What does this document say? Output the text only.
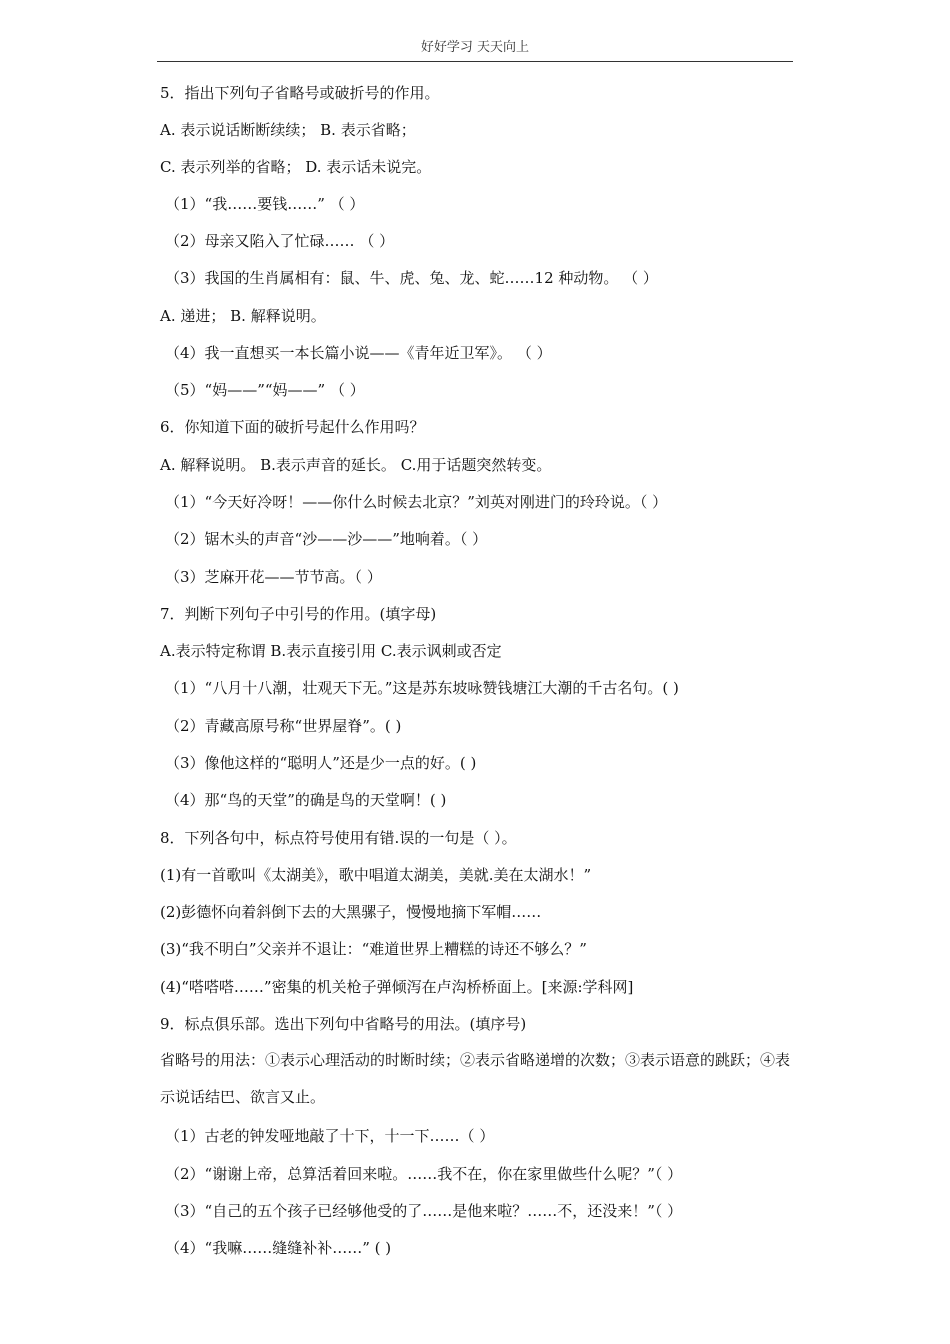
好好学习 天天向上
5．指出下列句子省略号或破折号的作用。
A. 表示说话断断续续； B. 表示省略；
C. 表示列举的省略； D. 表示话未说完。
（1）“我……要钱……” （ ）
（2）母亲又陷入了忙碌…… （ ）
（3）我国的生肖属相有：鼠、牛、虎、兔、龙、蛇……12 种动物。 （ ）
A. 递进； B. 解释说明。
（4）我一直想买一本长篇小说——《青年近卫军》。 （ ）
（5）“妈——”“妈——” （ ）
6．你知道下面的破折号起什么作用吗？
A. 解释说明。 B.表示声音的延长。 C.用于话题突然转变。
（1）“今天好冷呀！——你什么时候去北京？”刘英对刚进门的玲玲说。（ ）
（2）锯木头的声音“沙——沙——”地响着。（ ）
（3）芝麻开花——节节高。（ ）
7．判断下列句子中引号的作用。(填字母)
A.表示特定称谓 B.表示直接引用 C.表示讽刺或否定
（1）“八月十八潮，壮观天下无。”这是苏东坡咏赞钱塘江大潮的千古名句。( )
（2）青藏高原号称“世界屋脊”。( )
（3）像他这样的“聪明人”还是少一点的好。( )
（4）那“鸟的天堂”的确是鸟的天堂啊！( )
8．下列各句中，标点符号使用有错.误的一句是（ ）。
(1)有一首歌叫《太湖美》，歌中唱道太湖美，美就.美在太湖水！”
(2)彭德怀向着斜倒下去的大黑骡子，慢慢地摘下军帽……
(3)“我不明白”父亲并不退让：“难道世界上糟糕的诗还不够么？”
(4)“嗒嗒嗒……”密集的机关枪子弹倾泻在卢沟桥桥面上。[来源:学科网]
9．标点俱乐部。选出下列句中省略号的用法。(填序号)
省略号的用法：①表示心理活动的时断时续；②表示省略递增的次数；③表示语意的跳跃；④表示说话结巴、欲言又止。
（1）古老的钟发哑地敲了十下，十一下……（ ）
（2）“谢谢上帝，总算活着回来啦。……我不在，你在家里做些什么呢？”（ ）
（3）“自己的五个孩子已经够他受的了……是他来啦？……不，还没来！”（ ）
（4）“我嘛……缝缝补补……” ( )
